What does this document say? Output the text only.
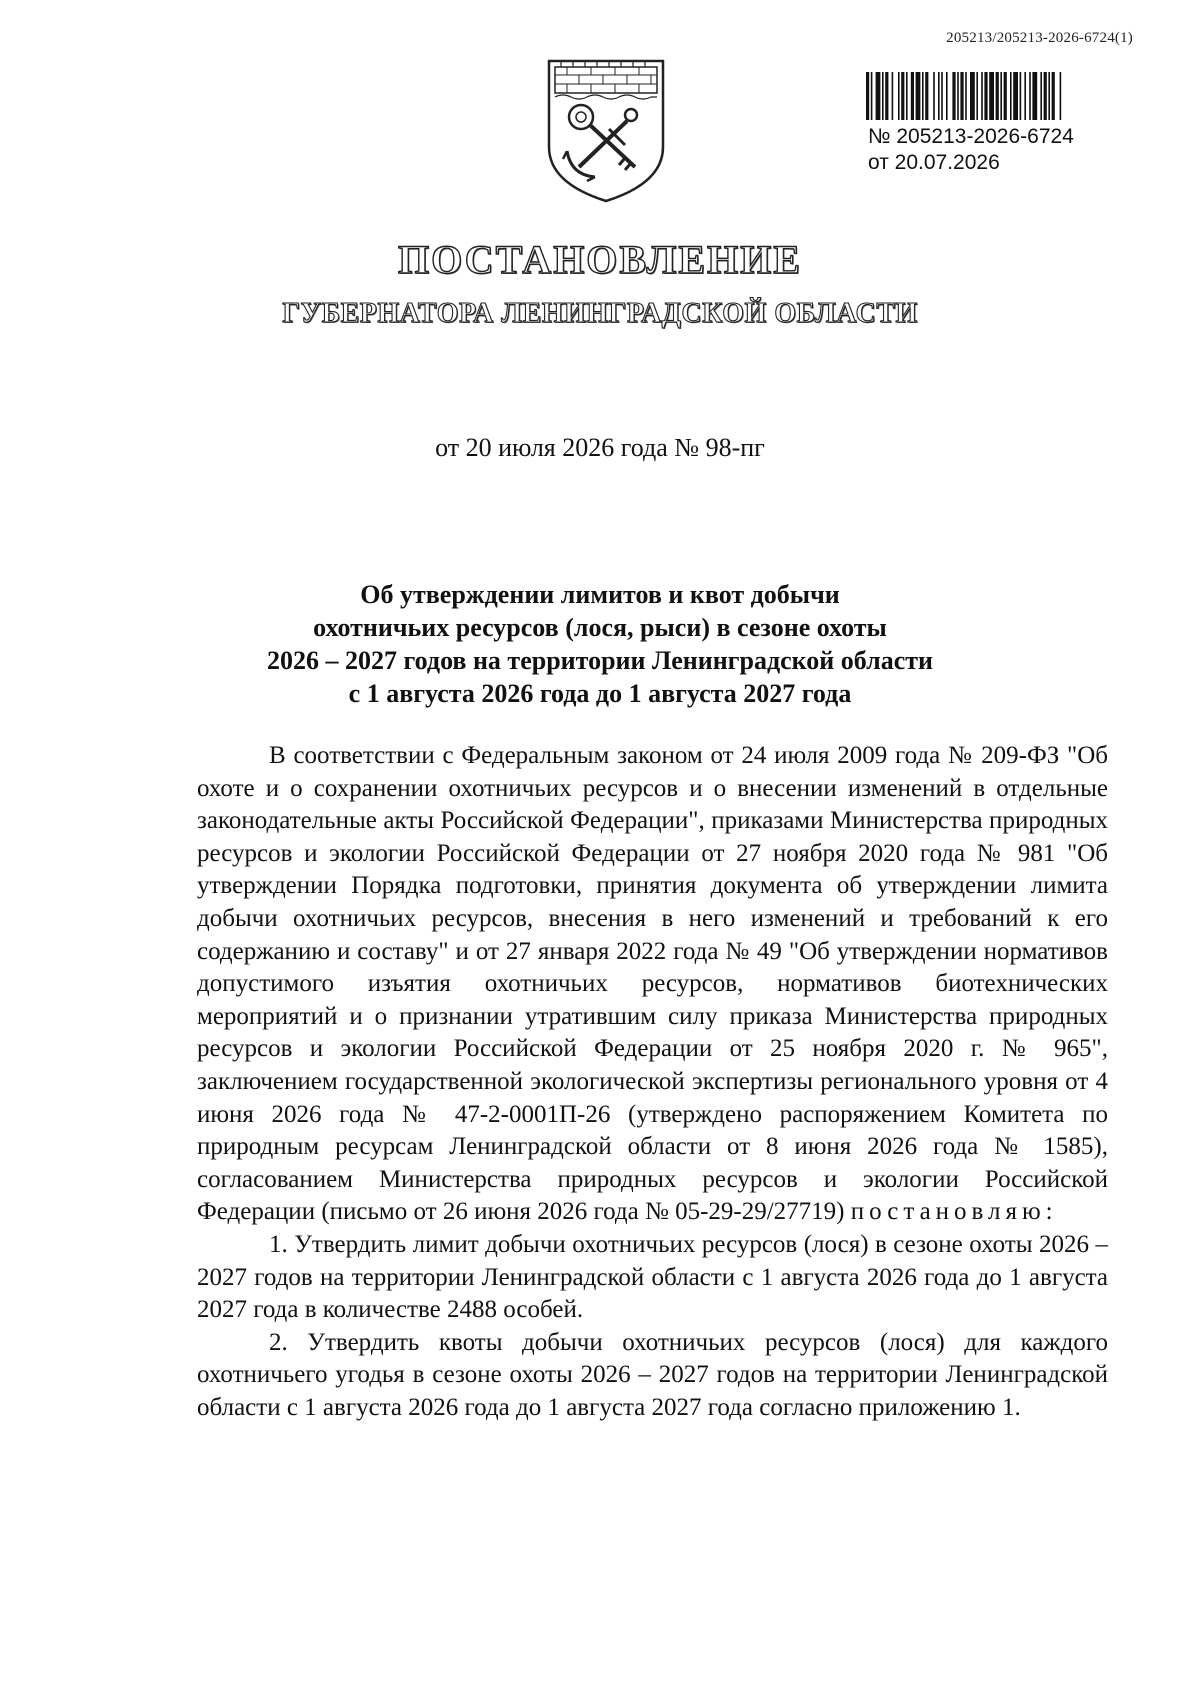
205213/205213-2026-6724(1)
№ 205213-2026-6724
от 20.07.2026
ПОСТАНОВЛЕНИЕ
ГУБЕРНАТОРА ЛЕНИНГРАДСКОЙ ОБЛАСТИ
от 20 июля 2026 года № 98-пг
Об утверждении лимитов и квот добычи
охотничьих ресурсов (лося, рыси) в сезоне охоты
2026 – 2027 годов на территории Ленинградской области
с 1 августа 2026 года до 1 августа 2027 года

В соответствии с Федеральным законом от 24 июля 2009 года № 209-ФЗ "Об охоте и о сохранении охотничьих ресурсов и о внесении изменений в отдельные законодательные акты Российской Федерации", приказами Министерства природных ресурсов и экологии Российской Федерации от 27 ноября 2020 года № 981 "Об утверждении Порядка подготовки, принятия документа об утверждении лимита добычи охотничьих ресурсов, внесения в него изменений и требований к его содержанию и составу" и от 27 января 2022 года № 49 "Об утверждении нормативов допустимого изъятия охотничьих ресурсов, нормативов биотехнических мероприятий и о признании утратившим силу приказа Министерства природных ресурсов и экологии Российской Федерации от 25 ноября 2020 г. № 965", заключением государственной экологической экспертизы регионального уровня от 4 июня 2026 года № 47-2-0001П-26 (утверждено распоряжением Комитета по природным ресурсам Ленинградской области от 8 июня 2026 года № 1585), согласованием Министерства природных ресурсов и экологии Российской Федерации (письмо от 26 июня 2026 года № 05-29-29/27719) постановляю:

1. Утвердить лимит добычи охотничьих ресурсов (лося) в сезоне охоты 2026 – 2027 годов на территории Ленинградской области с 1 августа 2026 года до 1 августа 2027 года в количестве 2488 особей.

2. Утвердить квоты добычи охотничьих ресурсов (лося) для каждого охотничьего угодья в сезоне охоты 2026 – 2027 годов на территории Ленинградской области с 1 августа 2026 года до 1 августа 2027 года согласно приложению 1.
